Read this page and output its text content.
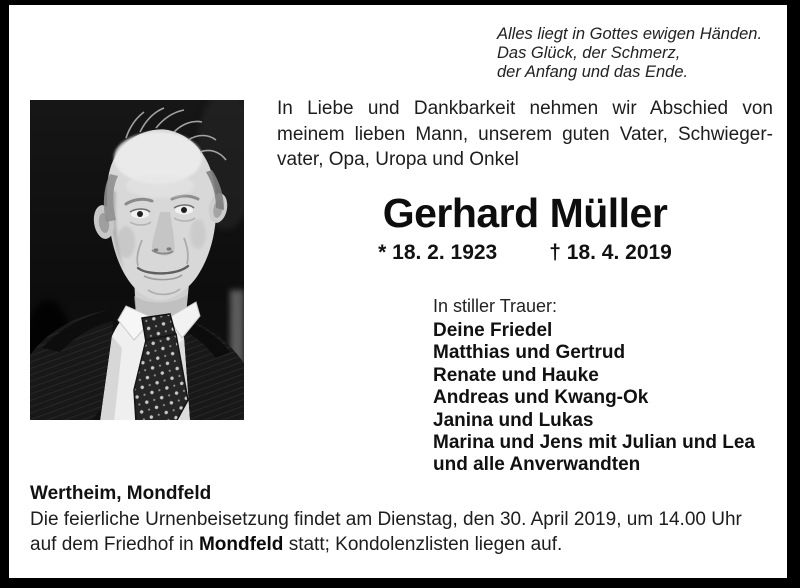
Alles liegt in Gottes ewigen Händen.
Das Glück, der Schmerz,
der Anfang und das Ende.
In Liebe und Dankbarkeit nehmen wir Abschied von
meinem lieben Mann, unserem guten Vater, Schwieger-
vater, Opa, Uropa und Onkel
Gerhard Müller
* 18. 2. 1923 † 18. 4. 2019
In stiller Trauer:
Deine Friedel
Matthias und Gertrud
Renate und Hauke
Andreas und Kwang-Ok
Janina und Lukas
Marina und Jens mit Julian und Lea
und alle Anverwandten
Wertheim, Mondfeld
Die feierliche Urnenbeisetzung findet am Dienstag, den 30. April 2019, um 14.00 Uhr
auf dem Friedhof in Mondfeld statt; Kondolenzlisten liegen auf.
